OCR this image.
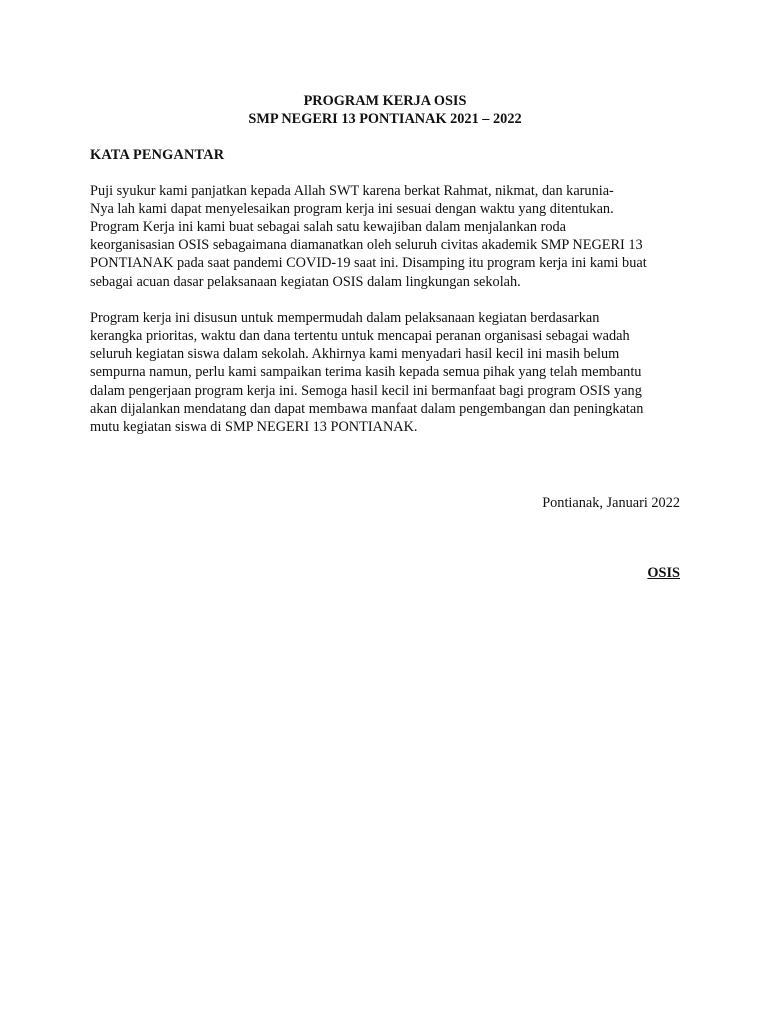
PROGRAM KERJA OSIS

SMP NEGERI 13 PONTIANAK 2021 – 2022

KATA PENGANTAR

Puji syukur kami panjatkan kepada Allah SWT karena berkat Rahmat, nikmat, dan karunia-
Nya lah kami dapat menyelesaikan program kerja ini sesuai dengan waktu yang ditentukan.
Program Kerja ini kami buat sebagai salah satu kewajiban dalam menjalankan roda
keorganisasian OSIS sebagaimana diamanatkan oleh seluruh civitas akademik SMP NEGERI 13
PONTIANAK pada saat pandemi COVID-19 saat ini. Disamping itu program kerja ini kami buat
sebagai acuan dasar pelaksanaan kegiatan OSIS dalam lingkungan sekolah.
Program kerja ini disusun untuk mempermudah dalam pelaksanaan kegiatan berdasarkan
kerangka prioritas, waktu dan dana tertentu untuk mencapai peranan organisasi sebagai wadah
seluruh kegiatan siswa dalam sekolah. Akhirnya kami menyadari hasil kecil ini masih belum
sempurna namun, perlu kami sampaikan terima kasih kepada semua pihak yang telah membantu
dalam pengerjaan program kerja ini. Semoga hasil kecil ini bermanfaat bagi program OSIS yang
akan dijalankan mendatang dan dapat membawa manfaat dalam pengembangan dan peningkatan
mutu kegiatan siswa di SMP NEGERI 13 PONTIANAK.

Pontianak, Januari 2022

OSIS
